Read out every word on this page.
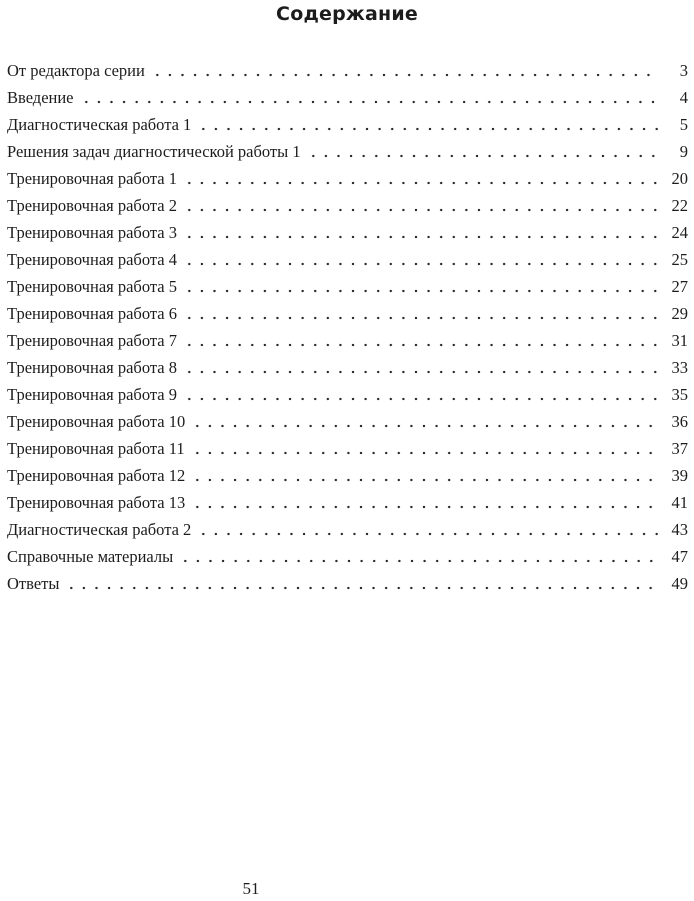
Содержание
От редактора серии	3
Введение	4
Диагностическая работа 1	5
Решения задач диагностической работы 1	9
Тренировочная работа 1	20
Тренировочная работа 2	22
Тренировочная работа 3	24
Тренировочная работа 4	25
Тренировочная работа 5	27
Тренировочная работа 6	29
Тренировочная работа 7	31
Тренировочная работа 8	33
Тренировочная работа 9	35
Тренировочная работа 10	36
Тренировочная работа 11	37
Тренировочная работа 12	39
Тренировочная работа 13	41
Диагностическая работа 2	43
Справочные материалы	47
Ответы	49
51
